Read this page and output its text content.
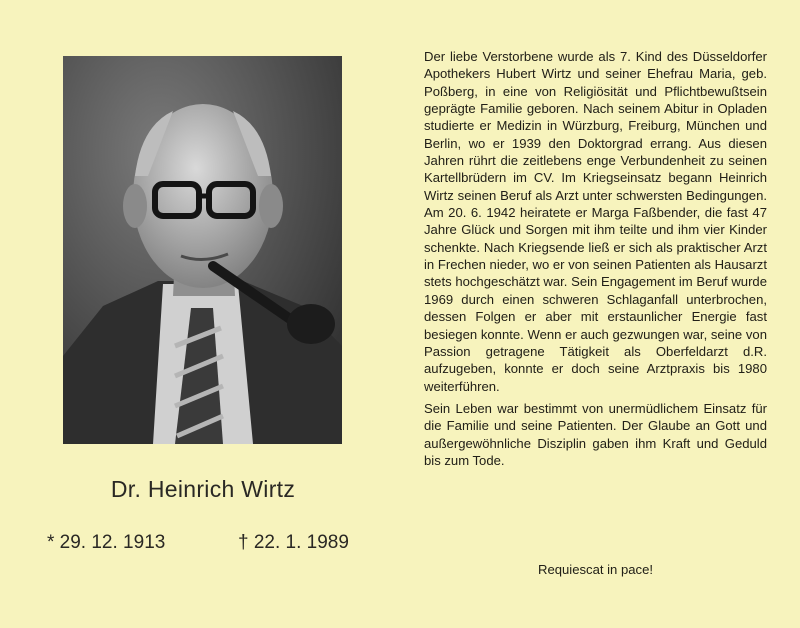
Dr. Heinrich Wirtz
* 29. 12. 1913	† 22. 1. 1989

Der liebe Verstorbene wurde als 7. Kind des Düsseldorfer Apothekers Hubert Wirtz und seiner Ehefrau Maria, geb. Poßberg, in eine von Religiösität und Pflichtbewußtsein geprägte Familie geboren. Nach seinem Abitur in Opladen studierte er Medizin in Würzburg, Freiburg, München und Berlin, wo er 1939 den Doktorgrad errang. Aus diesen Jahren rührt die zeitlebens enge Verbundenheit zu seinen Kartellbrüdern im CV. Im Kriegseinsatz begann Heinrich Wirtz seinen Beruf als Arzt unter schwersten Bedingungen. Am 20. 6. 1942 heiratete er Marga Faßbender, die fast 47 Jahre Glück und Sorgen mit ihm teilte und ihm vier Kinder schenkte. Nach Kriegsende ließ er sich als praktischer Arzt in Frechen nieder, wo er von seinen Patienten als Hausarzt stets hochgeschätzt war. Sein Engagement im Beruf wurde 1969 durch einen schweren Schlaganfall unterbrochen, dessen Folgen er aber mit erstaunlicher Energie fast besiegen konnte. Wenn er auch gezwungen war, seine von Passion getragene Tätigkeit als Oberfeldarzt d.R. aufzugeben, konnte er doch seine Arztpraxis bis 1980 weiterführen.

Sein Leben war bestimmt von unermüdlichem Einsatz für die Familie und seine Patienten. Der Glaube an Gott und außergewöhnliche Disziplin gaben ihm Kraft und Geduld bis zum Tode.

Requiescat in pace!
